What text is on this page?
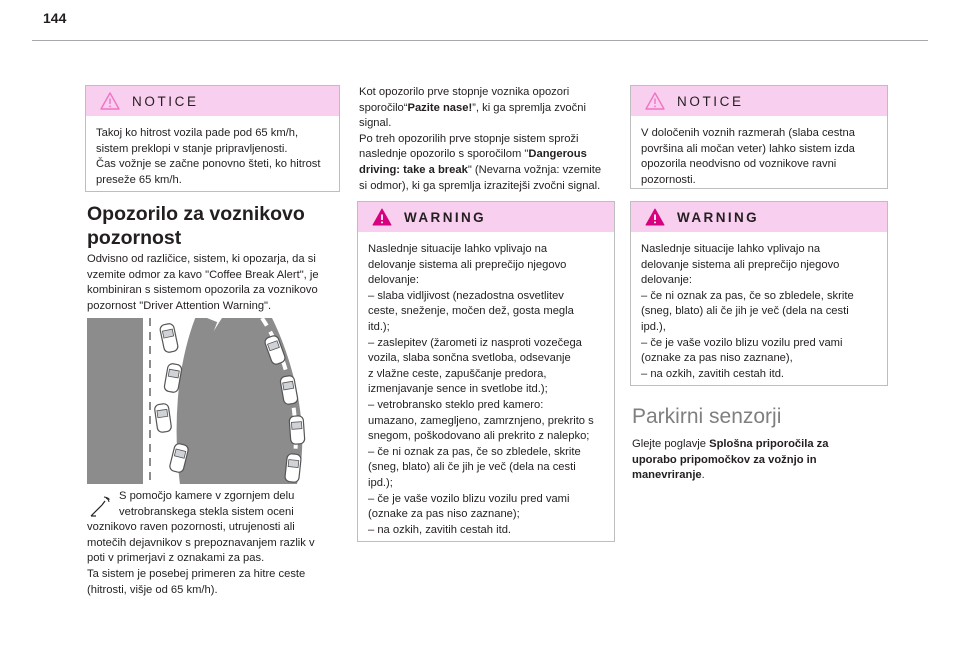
144
NOTICE
Takoj ko hitrost vozila pade pod 65 km/h,
sistem preklopi v stanje pripravljenosti.
Čas vožnje se začne ponovno šteti, ko hitrost
preseže 65 km/h.
Opozorilo za voznikovo
pozornost
Odvisno od različice, sistem, ki opozarja, da si
vzemite odmor za kavo "Coffee Break Alert", je
kombiniran s sistemom opozorila za voznikovo
pozornost "Driver Attention Warning".
S pomočjo kamere v zgornjem delu
vetrobranskega stekla sistem oceni
voznikovo raven pozornosti, utrujenosti ali
motečih dejavnikov s prepoznavanjem razlik v
poti v primerjavi z oznakami za pas.
Ta sistem je posebej primeren za hitre ceste
(hitrosti, višje od 65 km/h).
Kot opozorilo prve stopnje voznika opozori
sporočilo“Pazite nase!”, ki ga spremlja zvočni
signal.
Po treh opozorilih prve stopnje sistem sproži
naslednje opozorilo s sporočilom "Dangerous
driving: take a break" (Nevarna vožnja: vzemite
si odmor), ki ga spremlja izrazitejši zvočni signal.
WARNING
Naslednje situacije lahko vplivajo na
delovanje sistema ali preprečijo njegovo
delovanje:
– slaba vidljivost (nezadostna osvetlitev
ceste, sneženje, močen dež, gosta megla
itd.);
– zaslepitev (žarometi iz nasproti vozečega
vozila, slaba sončna svetloba, odsevanje
z vlažne ceste, zapuščanje predora,
izmenjavanje sence in svetlobe itd.);
– vetrobransko steklo pred kamero:
umazano, zamegljeno, zamrznjeno, prekrito s
snegom, poškodovano ali prekrito z nalepko;
– če ni oznak za pas, če so zbledele, skrite
(sneg, blato) ali če jih je več (dela na cesti
ipd.);
– če je vaše vozilo blizu vozilu pred vami
(oznake za pas niso zaznane);
– na ozkih, zavitih cestah itd.
NOTICE
V določenih voznih razmerah (slaba cestna
površina ali močan veter) lahko sistem izda
opozorila neodvisno od voznikove ravni
pozornosti.
WARNING
Naslednje situacije lahko vplivajo na
delovanje sistema ali preprečijo njegovo
delovanje:
– če ni oznak za pas, če so zbledele, skrite
(sneg, blato) ali če jih je več (dela na cesti
ipd.),
– če je vaše vozilo blizu vozilu pred vami
(oznake za pas niso zaznane),
– na ozkih, zavitih cestah itd.
Parkirni senzorji
Glejte poglavje Splošna priporočila za
uporabo pripomočkov za vožnjo in
manevriranje.
